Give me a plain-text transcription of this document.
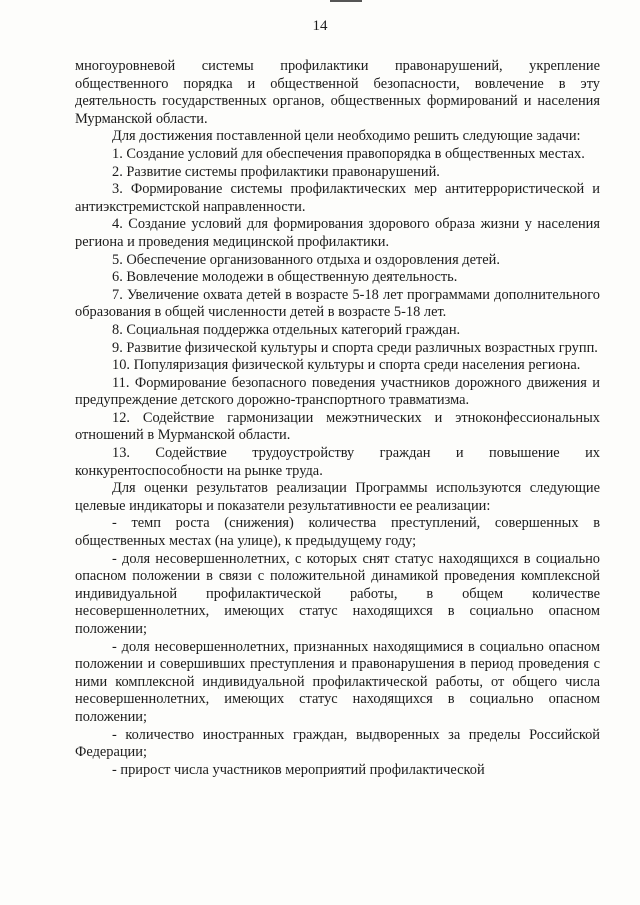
14

многоуровневой системы профилактики правонарушений, укрепление общественного порядка и общественной безопасности, вовлечение в эту деятельность государственных органов, общественных формирований и населения Мурманской области.

Для достижения поставленной цели необходимо решить следующие задачи:

1. Создание условий для обеспечения правопорядка в общественных местах.

2. Развитие системы профилактики правонарушений.

3. Формирование системы профилактических мер антитеррористической и антиэкстремистской направленности.

4. Создание условий для формирования здорового образа жизни у населения региона и проведения медицинской профилактики.

5. Обеспечение организованного отдыха и оздоровления детей.

6. Вовлечение молодежи в общественную деятельность.

7. Увеличение охвата детей в возрасте 5-18 лет программами дополнительного образования в общей численности детей в возрасте 5-18 лет.

8. Социальная поддержка отдельных категорий граждан.

9. Развитие физической культуры и спорта среди различных возрастных групп.

10. Популяризация физической культуры и спорта среди населения региона.

11. Формирование безопасного поведения участников дорожного движения и предупреждение детского дорожно-транспортного травматизма.

12. Содействие гармонизации межэтнических и этноконфессиональных отношений в Мурманской области.

13. Содействие трудоустройству граждан и повышение их конкурентоспособности на рынке труда.

Для оценки результатов реализации Программы используются следующие целевые индикаторы и показатели результативности ее реализации:

- темп роста (снижения) количества преступлений, совершенных в общественных местах (на улице), к предыдущему году;

- доля несовершеннолетних, с которых снят статус находящихся в социально опасном положении в связи с положительной динамикой проведения комплексной индивидуальной профилактической работы, в общем количестве несовершеннолетних, имеющих статус находящихся в социально опасном положении;

- доля несовершеннолетних, признанных находящимися в социально опасном положении и совершивших преступления и правонарушения в период проведения с ними комплексной индивидуальной профилактической работы, от общего числа несовершеннолетних, имеющих статус находящихся в социально опасном положении;

- количество иностранных граждан, выдворенных за пределы Российской Федерации;

- прирост числа участников мероприятий профилактической
